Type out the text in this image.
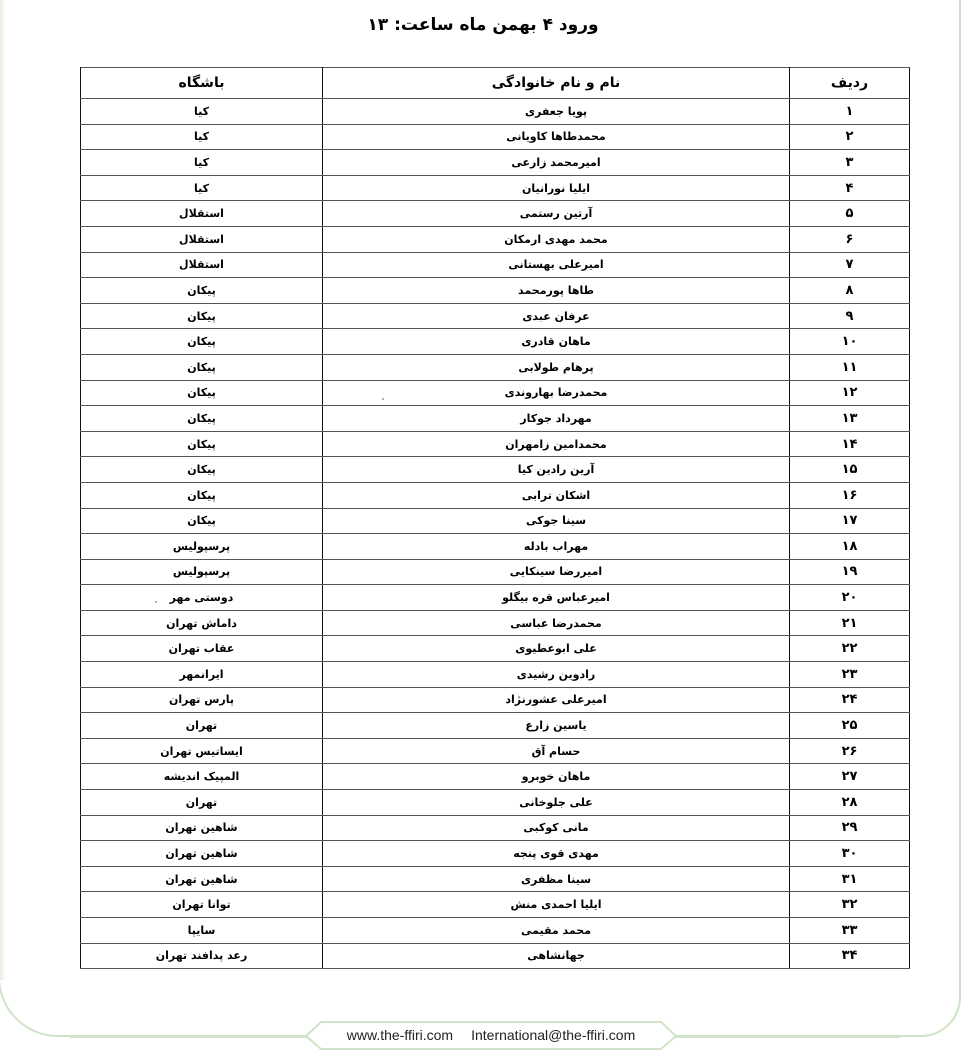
ورود ۴ بهمن ماه ساعت: ۱۳
ردیف	نام و نام خانوادگی	باشگاه
۱	پویا جعفری	کیا
۲	محمدطاها کاویانی	کیا
۳	امیرمحمد زارعی	کیا
۴	ایلیا نورانیان	کیا
۵	آرتین رستمی	استقلال
۶	محمد مهدی ارمکان	استقلال
۷	امیرعلی بهستانی	استقلال
۸	طاها پورمحمد	پیکان
۹	عرفان عبدی	پیکان
۱۰	ماهان قادری	پیکان
۱۱	پرهام طولابی	پیکان
۱۲	محمدرضا بهاروندی	پیکان
۱۳	مهرداد جوکار	پیکان
۱۴	محمدامین زامهران	پیکان
۱۵	آرین رادین کیا	پیکان
۱۶	اشکان ترابی	پیکان
۱۷	سینا جوکی	پیکان
۱۸	مهراب بادله	پرسپولیس
۱۹	امیررضا سینکایی	پرسپولیس
۲۰	امیرعباس قره بیگلو	دوستی مهر
۲۱	محمدرضا عباسی	داماش تهران
۲۲	علی ابوعطیوی	عقاب تهران
۲۳	رادوین رشیدی	ایرانمهر
۲۴	امیرعلی عشورنژاد	پارس تهران
۲۵	یاسین زارع	تهران
۲۶	حسام آق	ایساتیس تهران
۲۷	ماهان خوبرو	المپیک اندیشه
۲۸	علی جلوخانی	تهران
۲۹	مانی کوکبی	شاهین تهران
۳۰	مهدی قوی پنجه	شاهین تهران
۳۱	سینا مظفری	شاهین تهران
۳۲	ایلیا احمدی منش	توانا تهران
۳۳	محمد مقیمی	سایپا
۳۴	جهانشاهی	رعد پدافند تهران
www.the-ffiri.com International@the-ffiri.com
